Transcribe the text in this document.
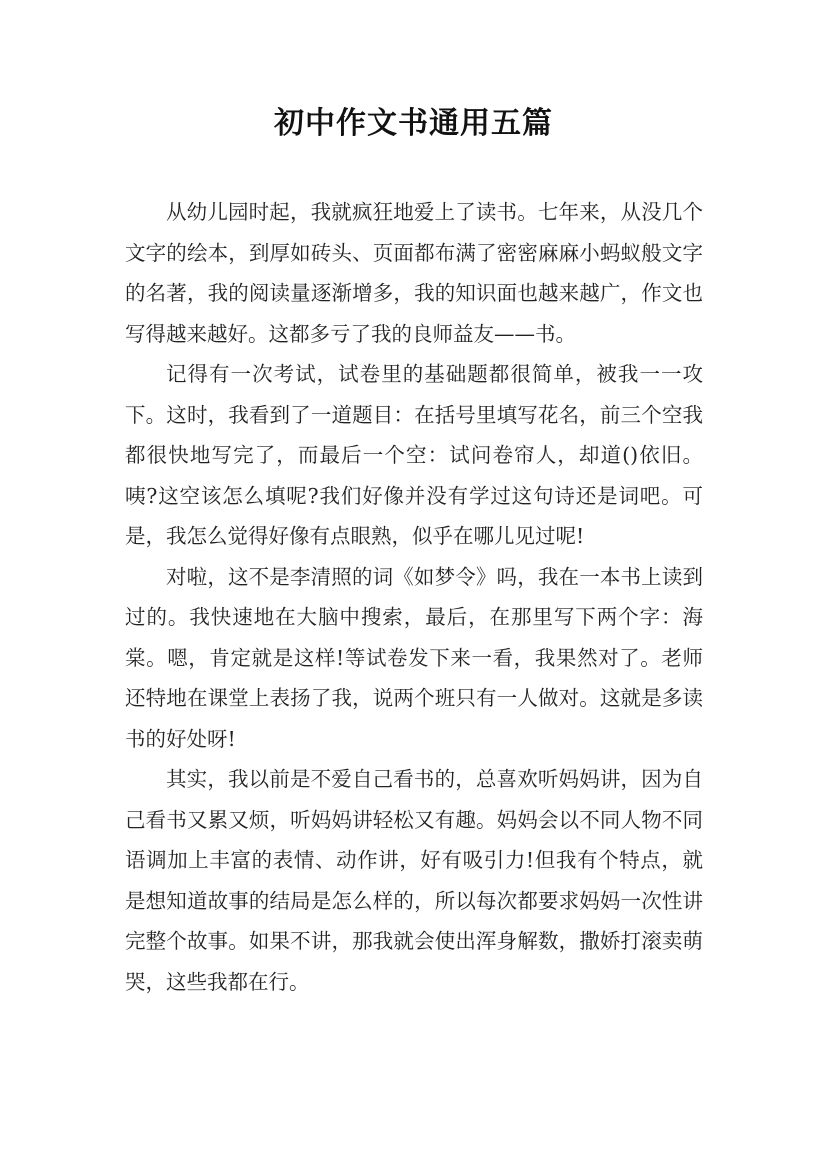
初中作文书通用五篇

从幼儿园时起，我就疯狂地爱上了读书。七年来，从没几个文字的绘本，到厚如砖头、页面都布满了密密麻麻小蚂蚁般文字的名著，我的阅读量逐渐增多，我的知识面也越来越广，作文也写得越来越好。这都多亏了我的良师益友——书。

记得有一次考试，试卷里的基础题都很简单，被我一一攻下。这时，我看到了一道题目：在括号里填写花名，前三个空我都很快地写完了，而最后一个空：试问卷帘人，却道()依旧。咦?这空该怎么填呢?我们好像并没有学过这句诗还是词吧。可是，我怎么觉得好像有点眼熟，似乎在哪儿见过呢!

对啦，这不是李清照的词《如梦令》吗，我在一本书上读到过的。我快速地在大脑中搜索，最后，在那里写下两个字：海棠。嗯，肯定就是这样!等试卷发下来一看，我果然对了。老师还特地在课堂上表扬了我，说两个班只有一人做对。这就是多读书的好处呀!

其实，我以前是不爱自己看书的，总喜欢听妈妈讲，因为自己看书又累又烦，听妈妈讲轻松又有趣。妈妈会以不同人物不同语调加上丰富的表情、动作讲，好有吸引力!但我有个特点，就是想知道故事的结局是怎么样的，所以每次都要求妈妈一次性讲完整个故事。如果不讲，那我就会使出浑身解数，撒娇打滚卖萌哭，这些我都在行。
